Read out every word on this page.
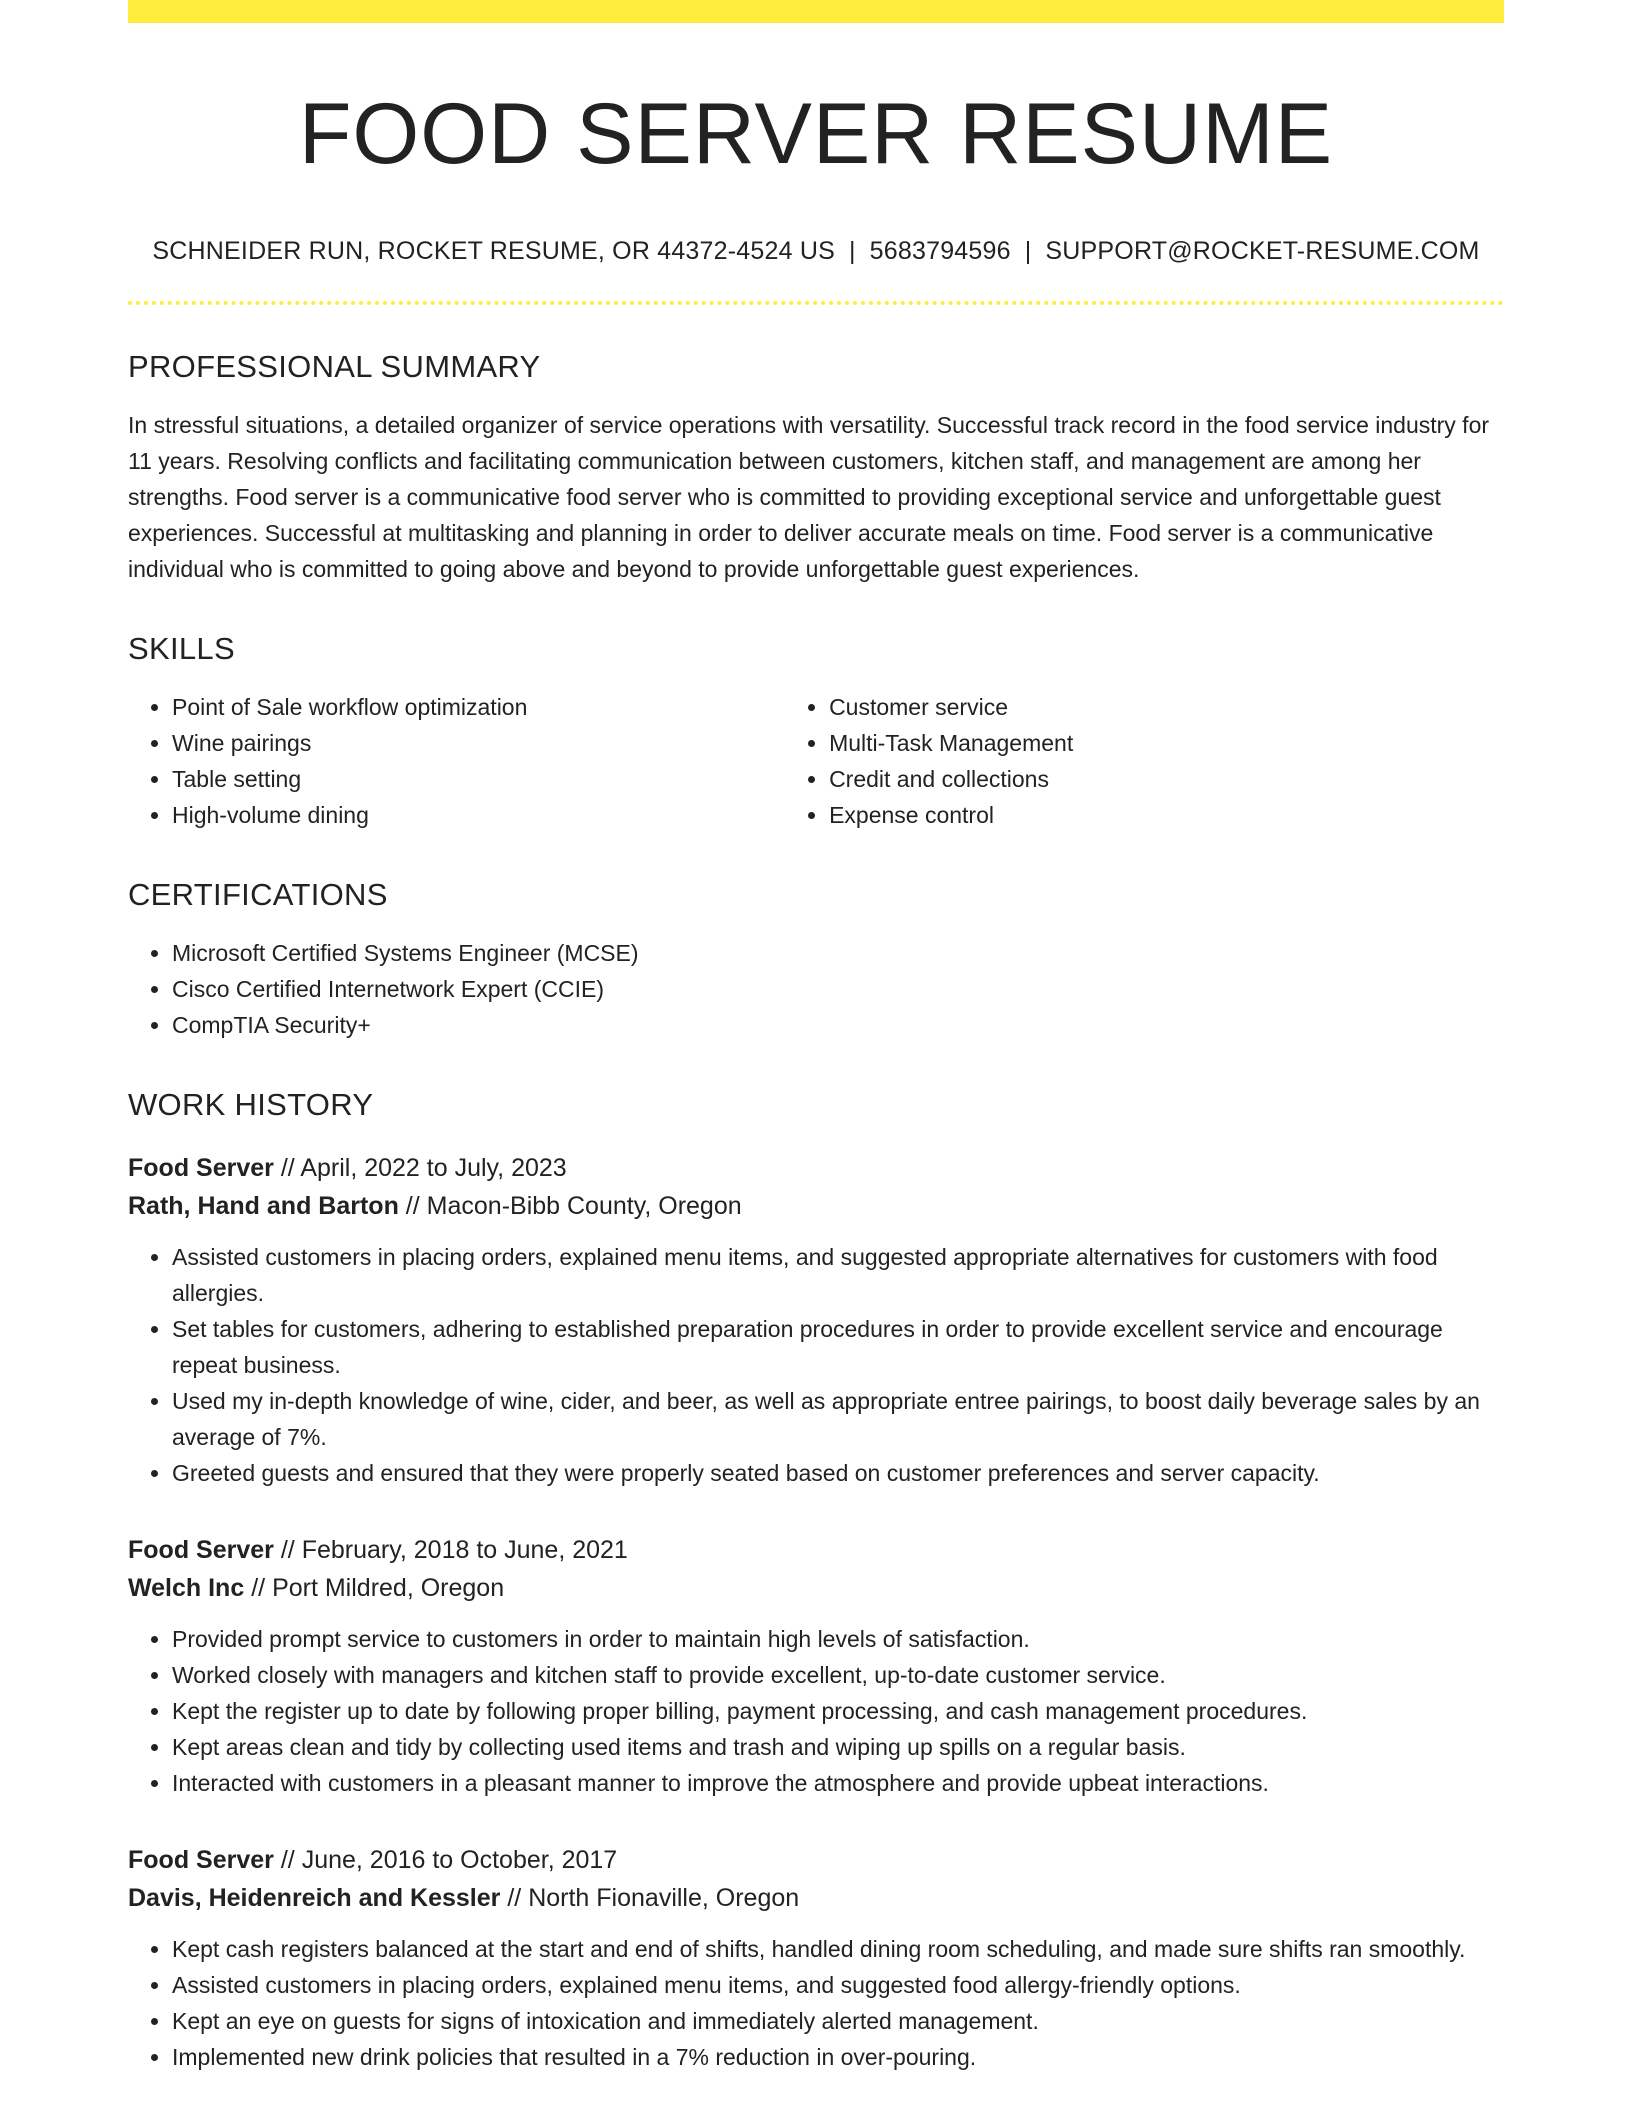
FOOD SERVER RESUME
SCHNEIDER RUN, ROCKET RESUME, OR 44372-4524 US | 5683794596 | SUPPORT@ROCKET-RESUME.COM
PROFESSIONAL SUMMARY
In stressful situations, a detailed organizer of service operations with versatility. Successful track record in the food service industry for 11 years. Resolving conflicts and facilitating communication between customers, kitchen staff, and management are among her strengths. Food server is a communicative food server who is committed to providing exceptional service and unforgettable guest experiences. Successful at multitasking and planning in order to deliver accurate meals on time. Food server is a communicative individual who is committed to going above and beyond to provide unforgettable guest experiences.
SKILLS
• Point of Sale workflow optimization
• Wine pairings
• Table setting
• High-volume dining
• Customer service
• Multi-Task Management
• Credit and collections
• Expense control
CERTIFICATIONS
• Microsoft Certified Systems Engineer (MCSE)
• Cisco Certified Internetwork Expert (CCIE)
• CompTIA Security+
WORK HISTORY
Food Server // April, 2022 to July, 2023
Rath, Hand and Barton // Macon-Bibb County, Oregon
• Assisted customers in placing orders, explained menu items, and suggested appropriate alternatives for customers with food allergies.
• Set tables for customers, adhering to established preparation procedures in order to provide excellent service and encourage repeat business.
• Used my in-depth knowledge of wine, cider, and beer, as well as appropriate entree pairings, to boost daily beverage sales by an average of 7%.
• Greeted guests and ensured that they were properly seated based on customer preferences and server capacity.
Food Server // February, 2018 to June, 2021
Welch Inc // Port Mildred, Oregon
• Provided prompt service to customers in order to maintain high levels of satisfaction.
• Worked closely with managers and kitchen staff to provide excellent, up-to-date customer service.
• Kept the register up to date by following proper billing, payment processing, and cash management procedures.
• Kept areas clean and tidy by collecting used items and trash and wiping up spills on a regular basis.
• Interacted with customers in a pleasant manner to improve the atmosphere and provide upbeat interactions.
Food Server // June, 2016 to October, 2017
Davis, Heidenreich and Kessler // North Fionaville, Oregon
• Kept cash registers balanced at the start and end of shifts, handled dining room scheduling, and made sure shifts ran smoothly.
• Assisted customers in placing orders, explained menu items, and suggested food allergy-friendly options.
• Kept an eye on guests for signs of intoxication and immediately alerted management.
• Implemented new drink policies that resulted in a 7% reduction in over-pouring.
